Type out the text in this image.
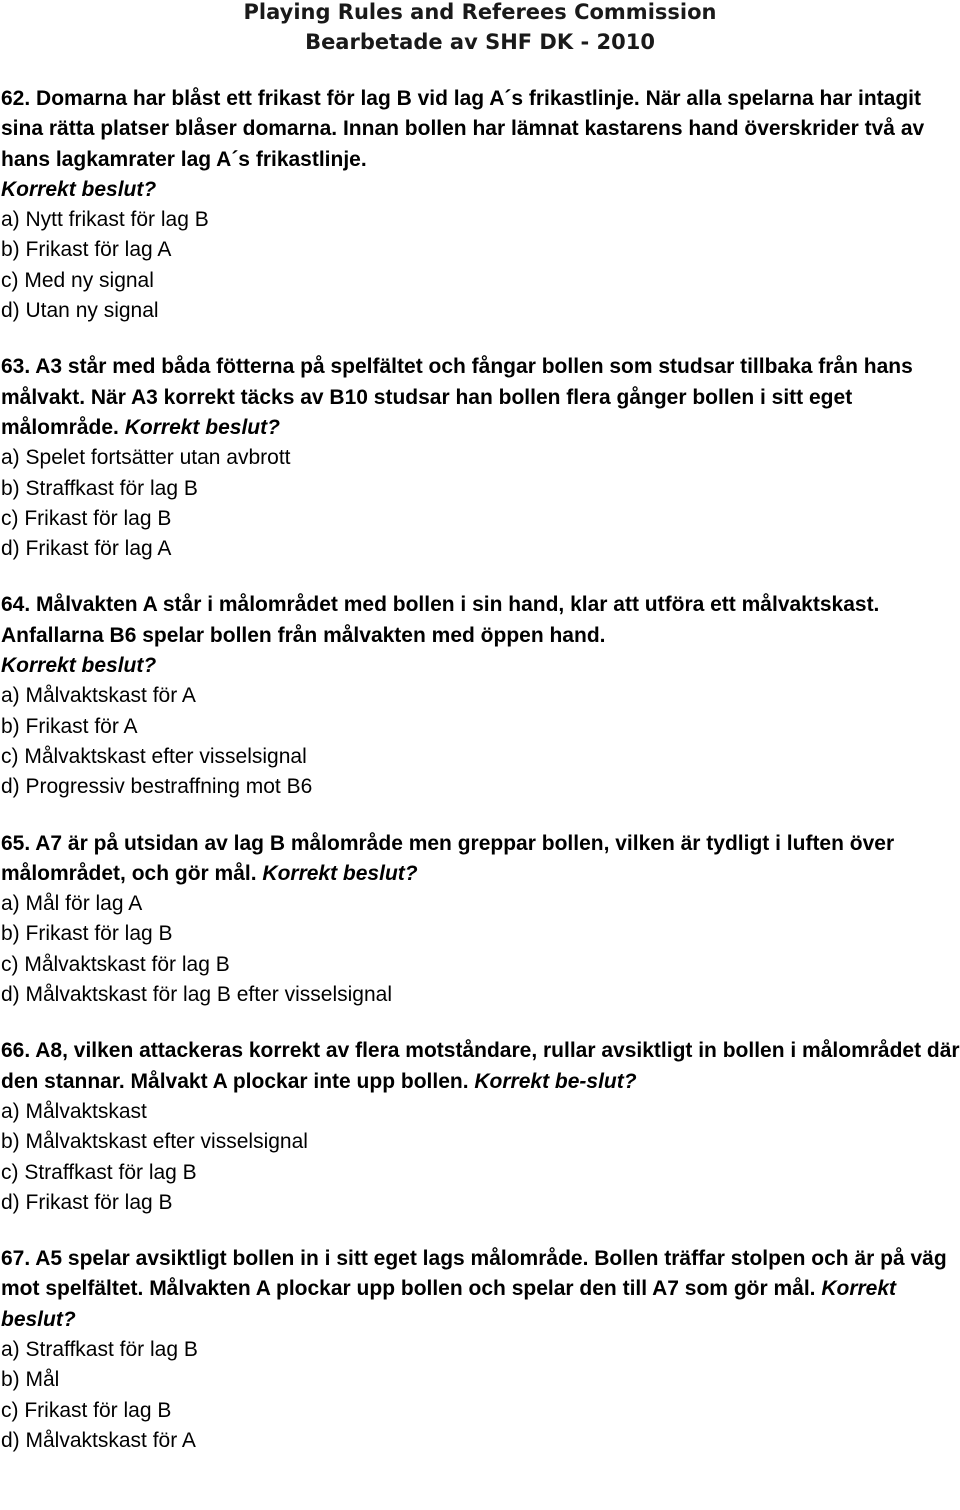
Playing Rules and Referees Commission
Bearbetade av SHF DK - 2010
62. Domarna har blåst ett frikast för lag B vid lag A´s frikastlinje. När alla spelarna har intagit sina rätta platser blåser domarna. Innan bollen har lämnat kastarens hand överskrider två av hans lagkamrater lag A´s frikastlinje.
Korrekt beslut?
a) Nytt frikast för lag B
b) Frikast för lag A
c) Med ny signal
d) Utan ny signal
63. A3 står med båda fötterna på spelfältet och fångar bollen som studsar tillbaka från hans målvakt. När A3 korrekt täcks av B10 studsar han bollen flera gånger bollen i sitt eget målområde. Korrekt beslut?
a) Spelet fortsätter utan avbrott
b) Straffkast för lag B
c) Frikast för lag B
d) Frikast för lag A
64. Målvakten A står i målområdet med bollen i sin hand, klar att utföra ett målvaktskast. Anfallarna B6 spelar bollen från målvakten med öppen hand.
Korrekt beslut?
a) Målvaktskast för A
b) Frikast för A
c) Målvaktskast efter visselsignal
d) Progressiv bestraffning mot B6
65. A7 är på utsidan av lag B målområde men greppar bollen, vilken är tydligt i luften över målområdet, och gör mål. Korrekt beslut?
a) Mål för lag A
b) Frikast för lag B
c) Målvaktskast för lag B
d) Målvaktskast för lag B efter visselsignal
66. A8, vilken attackeras korrekt av flera motståndare, rullar avsiktligt in bollen i målområdet där den stannar. Målvakt A plockar inte upp bollen. Korrekt be-slut?
a) Målvaktskast
b) Målvaktskast efter visselsignal
c) Straffkast för lag B
d) Frikast för lag B
67. A5 spelar avsiktligt bollen in i sitt eget lags målområde. Bollen träffar stolpen och är på väg mot spelfältet. Målvakten A plockar upp bollen och spelar den till A7 som gör mål. Korrekt beslut?
a) Straffkast för lag B
b) Mål
c) Frikast för lag B
d) Målvaktskast för A
